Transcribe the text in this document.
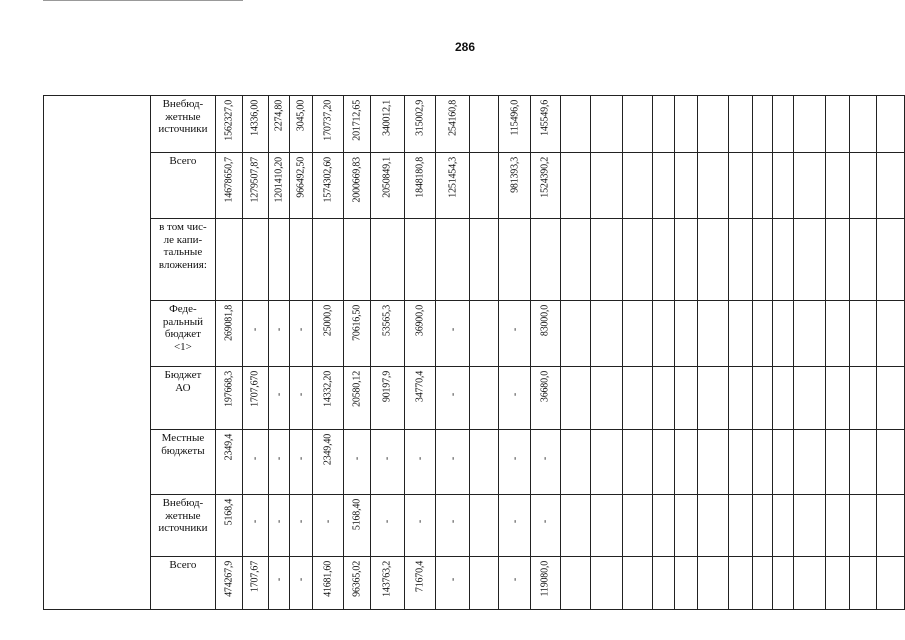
286

	Внебюд-
жетные
источники	1562327,0	14336,00	2274,80	3045,00	170737,20	201712,65	340012,1	315002,9	254160,8		115496,0	145549,6													

	Всего	14678650,7	1279507,87	1201410,20	966492,50	1574302,60	2000669,83	2050849,1	1848180,8	1251454,3		981393,3	1524390,2													

	в том чис-
ле капи-
тальные
вложения:																									

	Феде-
ральный
бюджет
<1>	269081,8	-	-	-	25000,0	70616,50	53565,3	36900,0	-		-	83000,0													

	Бюджет
АО	197668,3	1707,670	-	-	14332,20	20580,12	90197,9	34770,4	-		-	36680,0													

	Местные
бюджеты	2349,4	-	-	-	2349,40	-	-	-	-		-	-													

	Внебюд-
жетные
источники	5168,4	-	-	-	-	5168,40	-	-	-		-	-													

	Всего	474267,9	1707,67	-	-	41681,60	96365,02	143763,2	71670,4	-		-	119080,0													
